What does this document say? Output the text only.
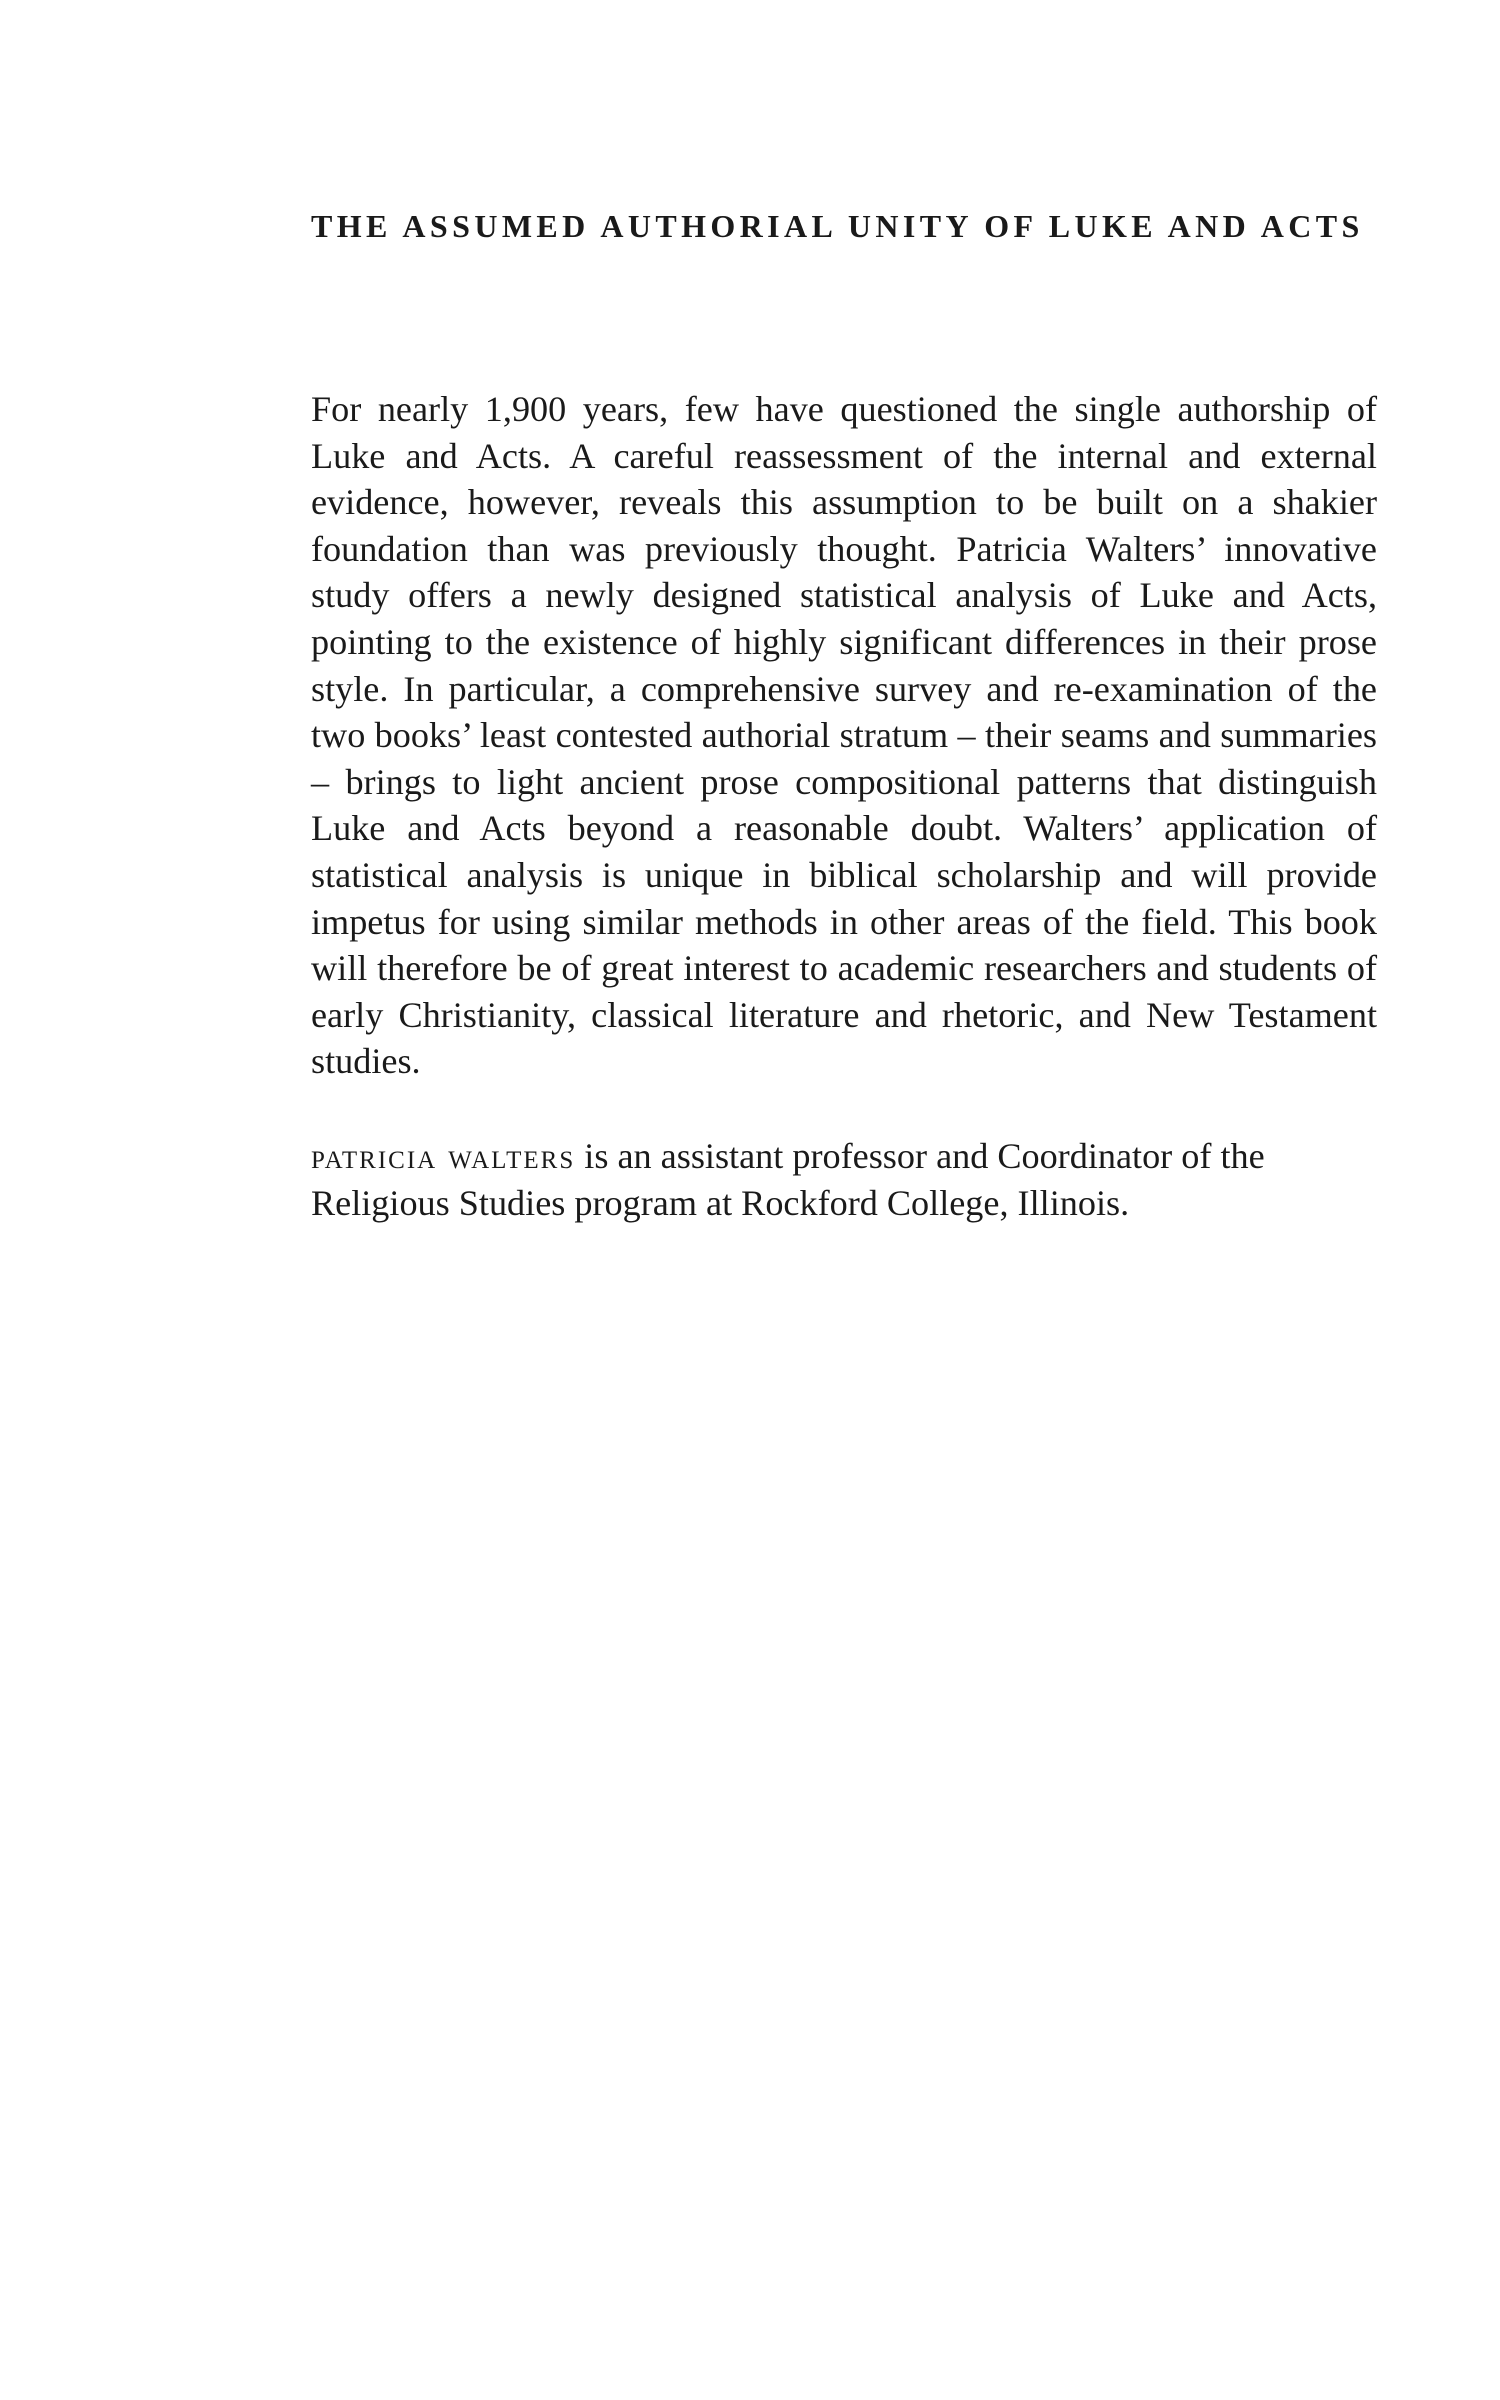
THE ASSUMED AUTHORIAL UNITY OF LUKE AND ACTS

For nearly 1,900 years, few have questioned the single authorship of Luke and Acts. A careful reassessment of the internal and external evidence, however, reveals this assumption to be built on a shakier foundation than was previously thought. Patricia Walters’ innovative study offers a newly designed statistical analysis of Luke and Acts, pointing to the existence of highly significant differences in their prose style. In particular, a comprehensive survey and re-examination of the two books’ least contested authorial stratum – their seams and summaries – brings to light ancient prose compositional patterns that distinguish Luke and Acts beyond a reasonable doubt. Walters’ application of statistical analysis is unique in biblical scholarship and will provide impetus for using similar methods in other areas of the field. This book will therefore be of great interest to academic researchers and students of early Christianity, classical literature and rhetoric, and New Testament studies.

patricia walters is an assistant professor and Coordinator of the Religious Studies program at Rockford College, Illinois.
